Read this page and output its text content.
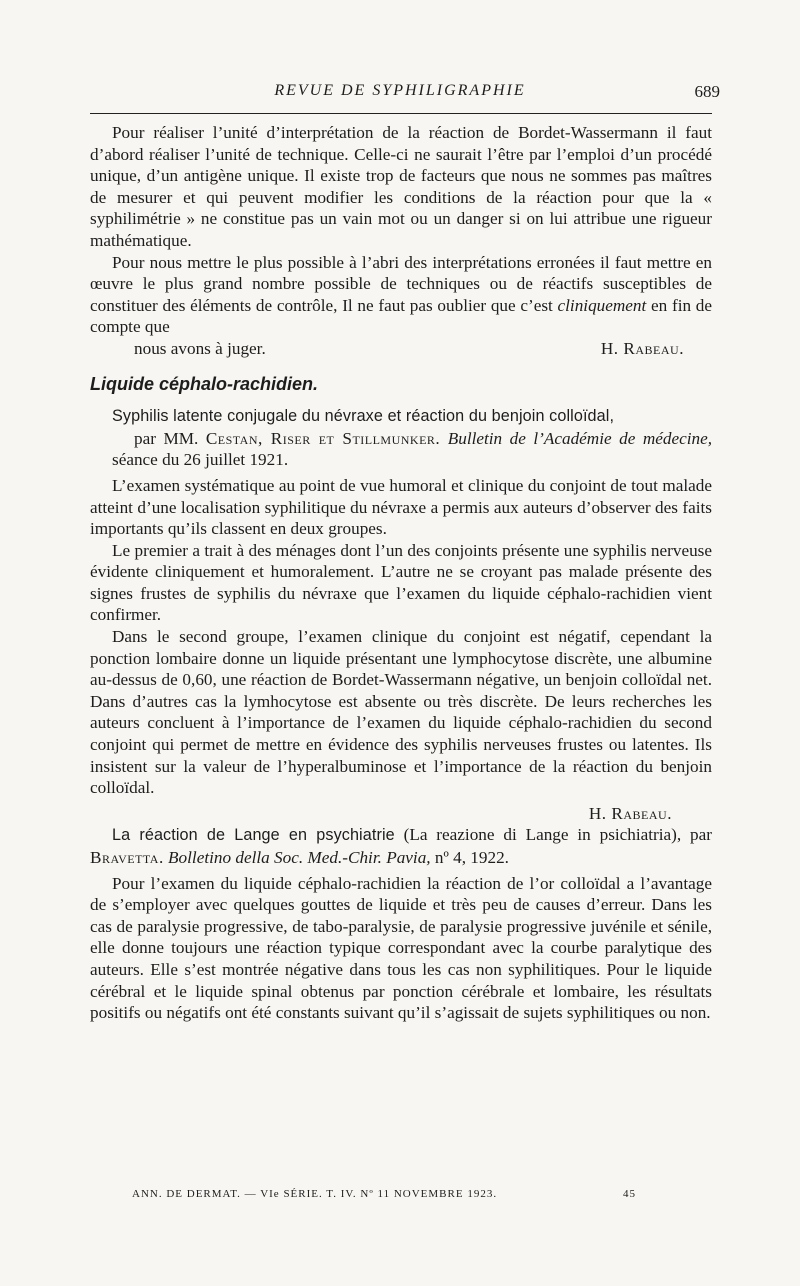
REVUE DE SYPHILIGRAPHIE	689

Pour réaliser l’unité d’interprétation de la réaction de Bordet-Wassermann il faut d’abord réaliser l’unité de technique. Celle-ci ne saurait l’être par l’emploi d’un procédé unique, d’un antigène unique. Il existe trop de facteurs que nous ne sommes pas maîtres de mesurer et qui peuvent modifier les conditions de la réaction pour que la « syphilimétrie » ne constitue pas un vain mot ou un danger si on lui attribue une rigueur mathématique.

Pour nous mettre le plus possible à l’abri des interprétations erronées il faut mettre en œuvre le plus grand nombre possible de techniques ou de réactifs susceptibles de constituer des éléments de contrôle, Il ne faut pas oublier que c’est cliniquement en fin de compte que

nous avons à juger.	H. Rabeau.

Liquide céphalo-rachidien.

Syphilis latente conjugale du névraxe et réaction du benjoin colloïdal,
par MM. Cestan, Riser et Stillmunker. Bulletin de l’Académie de médecine, séance du 26 juillet 1921.

L’examen systématique au point de vue humoral et clinique du conjoint de tout malade atteint d’une localisation syphilitique du névraxe a permis aux auteurs d’observer des faits importants qu’ils classent en deux groupes.

Le premier a trait à des ménages dont l’un des conjoints présente une syphilis nerveuse évidente cliniquement et humoralement. L’autre ne se croyant pas malade présente des signes frustes de syphilis du névraxe que l’examen du liquide céphalo-rachidien vient confirmer.

Dans le second groupe, l’examen clinique du conjoint est négatif, cependant la ponction lombaire donne un liquide présentant une lymphocytose discrète, une albumine au-dessus de 0,60, une réaction de Bordet-Wassermann négative, un benjoin colloïdal net. Dans d’autres cas la lymhocytose est absente ou très discrète. De leurs recherches les auteurs concluent à l’importance de l’examen du liquide céphalo-rachidien du second conjoint qui permet de mettre en évidence des syphilis nerveuses frustes ou latentes. Ils insistent sur la valeur de l’hyperalbuminose et l’importance de la réaction du benjoin colloïdal.

H. Rabeau.

La réaction de Lange en psychiatrie (La reazione di Lange in psichiatria), par Bravetta. Bolletino della Soc. Med.-Chir. Pavia, nº 4, 1922.

Pour l’examen du liquide céphalo-rachidien la réaction de l’or colloïdal a l’avantage de s’employer avec quelques gouttes de liquide et très peu de causes d’erreur. Dans les cas de paralysie progressive, de tabo-paralysie, de paralysie progressive juvénile et sénile, elle donne toujours une réaction typique correspondant avec la courbe paralytique des auteurs. Elle s’est montrée négative dans tous les cas non syphilitiques. Pour le liquide cérébral et le liquide spinal obtenus par ponction cérébrale et lombaire, les résultats positifs ou négatifs ont été constants suivant qu’il s’agissait de sujets syphilitiques ou non.

ANN. DE DERMAT. — VIe SÉRIE. T. IV. Nº 11 NOVEMBRE 1923.	45
